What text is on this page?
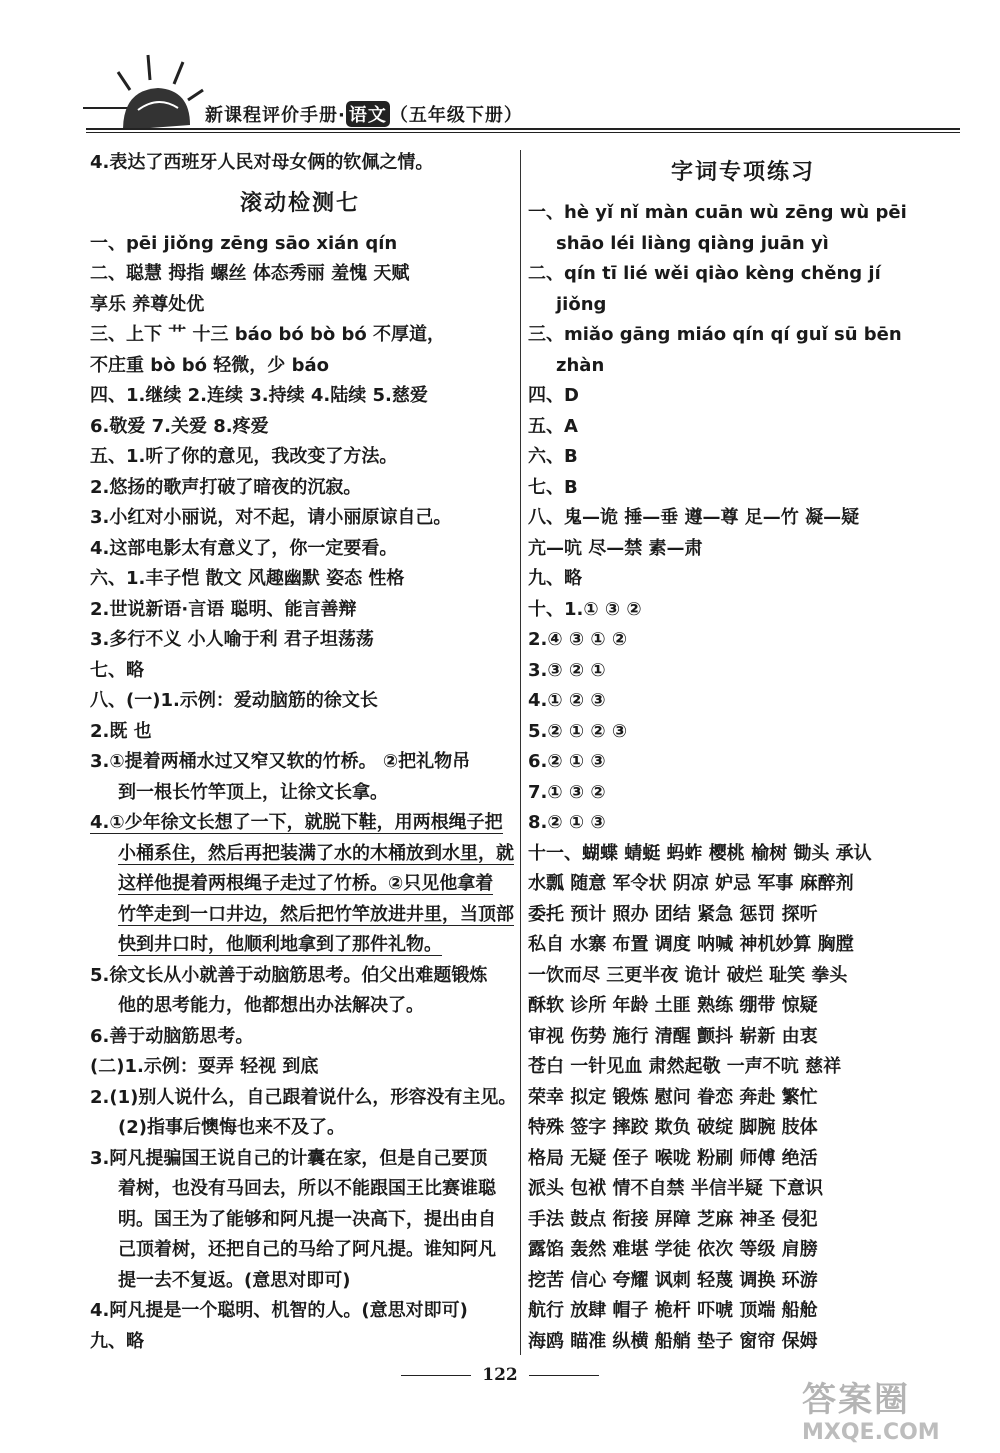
新课程评价手册· 语文 （五年级下册）
4.表达了西班牙人民对母女俩的钦佩之情。
滚动检测七
一、pēi jiǒng zēng sāo xián qín
二、聪慧 拇指 螺丝 体态秀丽 羞愧 天赋
享乐 养尊处优
三、上下 艹 十三 báo bó bò bó 不厚道，
不庄重 bò bó 轻微，少 báo
四、1.继续 2.连续 3.持续 4.陆续 5.慈爱
6.敬爱 7.关爱 8.疼爱
五、1.听了你的意见，我改变了方法。
2.悠扬的歌声打破了暗夜的沉寂。
3.小红对小丽说，对不起，请小丽原谅自己。
4.这部电影太有意义了，你一定要看。
六、1.丰子恺 散文 风趣幽默 姿态 性格
2.世说新语·言语 聪明、能言善辩
3.多行不义 小人喻于利 君子坦荡荡
七、略
八、(一)1.示例：爱动脑筋的徐文长
2.既 也
3.①提着两桶水过又窄又软的竹桥。 ②把礼物吊
到一根长竹竿顶上，让徐文长拿。
4.①少年徐文长想了一下，就脱下鞋，用两根绳子把
小桶系住，然后再把装满了水的木桶放到水里，就
这样他提着两根绳子走过了竹桥。②只见他拿着
竹竿走到一口井边，然后把竹竿放进井里，当顶部
快到井口时，他顺利地拿到了那件礼物。
5.徐文长从小就善于动脑筋思考。伯父出难题锻炼
他的思考能力，他都想出办法解决了。
6.善于动脑筋思考。
(二)1.示例：耍弄 轻视 到底
2.(1)别人说什么，自己跟着说什么，形容没有主见。
(2)指事后懊悔也来不及了。
3.阿凡提骗国王说自己的计囊在家，但是自己要顶
着树，也没有马回去，所以不能跟国王比赛谁聪
明。国王为了能够和阿凡提一决高下，提出由自
己顶着树，还把自己的马给了阿凡提。谁知阿凡
提一去不复返。(意思对即可)
4.阿凡提是一个聪明、机智的人。(意思对即可)
九、略
字词专项练习
一、hè yǐ nǐ màn cuān wù zēng wù pēi
shāo léi liàng qiàng juān yì
二、qín tī lié wěi qiào kèng chěng jí
jiǒng
三、miǎo gāng miáo qín qí guǐ sū bēn
zhàn
四、D
五、A
六、B
七、B
八、鬼—诡 捶—垂 遵—尊 足—竹 凝—疑
亢—吭 尽—禁 素—肃
九、略
十、1.① ③ ②
2.④ ③ ① ②
3.③ ② ①
4.① ② ③
5.② ① ② ③
6.② ① ③
7.① ③ ②
8.② ① ③
十一、蝴蝶 蜻蜓 蚂蚱 樱桃 榆树 锄头 承认
水瓢 随意 军令状 阴凉 妒忌 军事 麻醉剂
委托 预计 照办 团结 紧急 惩罚 探听
私自 水寨 布置 调度 呐喊 神机妙算 胸膛
一饮而尽 三更半夜 诡计 破烂 耻笑 拳头
酥软 诊所 年龄 土匪 熟练 绷带 惊疑
审视 伤势 施行 清醒 颤抖 崭新 由衷
苍白 一针见血 肃然起敬 一声不吭 慈祥
荣幸 拟定 锻炼 慰问 眷恋 奔赴 繁忙
特殊 签字 摔跤 欺负 破绽 脚腕 肢体
格局 无疑 侄子 喉咙 粉刷 师傅 绝活
派头 包袱 情不自禁 半信半疑 下意识
手法 鼓点 衔接 屏障 芝麻 神圣 侵犯
露馅 轰然 难堪 学徒 依次 等级 肩膀
挖苦 信心 夸耀 讽刺 轻蔑 调换 环游
航行 放肆 帽子 桅杆 吓唬 顶端 船舱
海鸥 瞄准 纵横 船艄 垫子 窗帘 保姆
122
答案圈
MXQE.COM
